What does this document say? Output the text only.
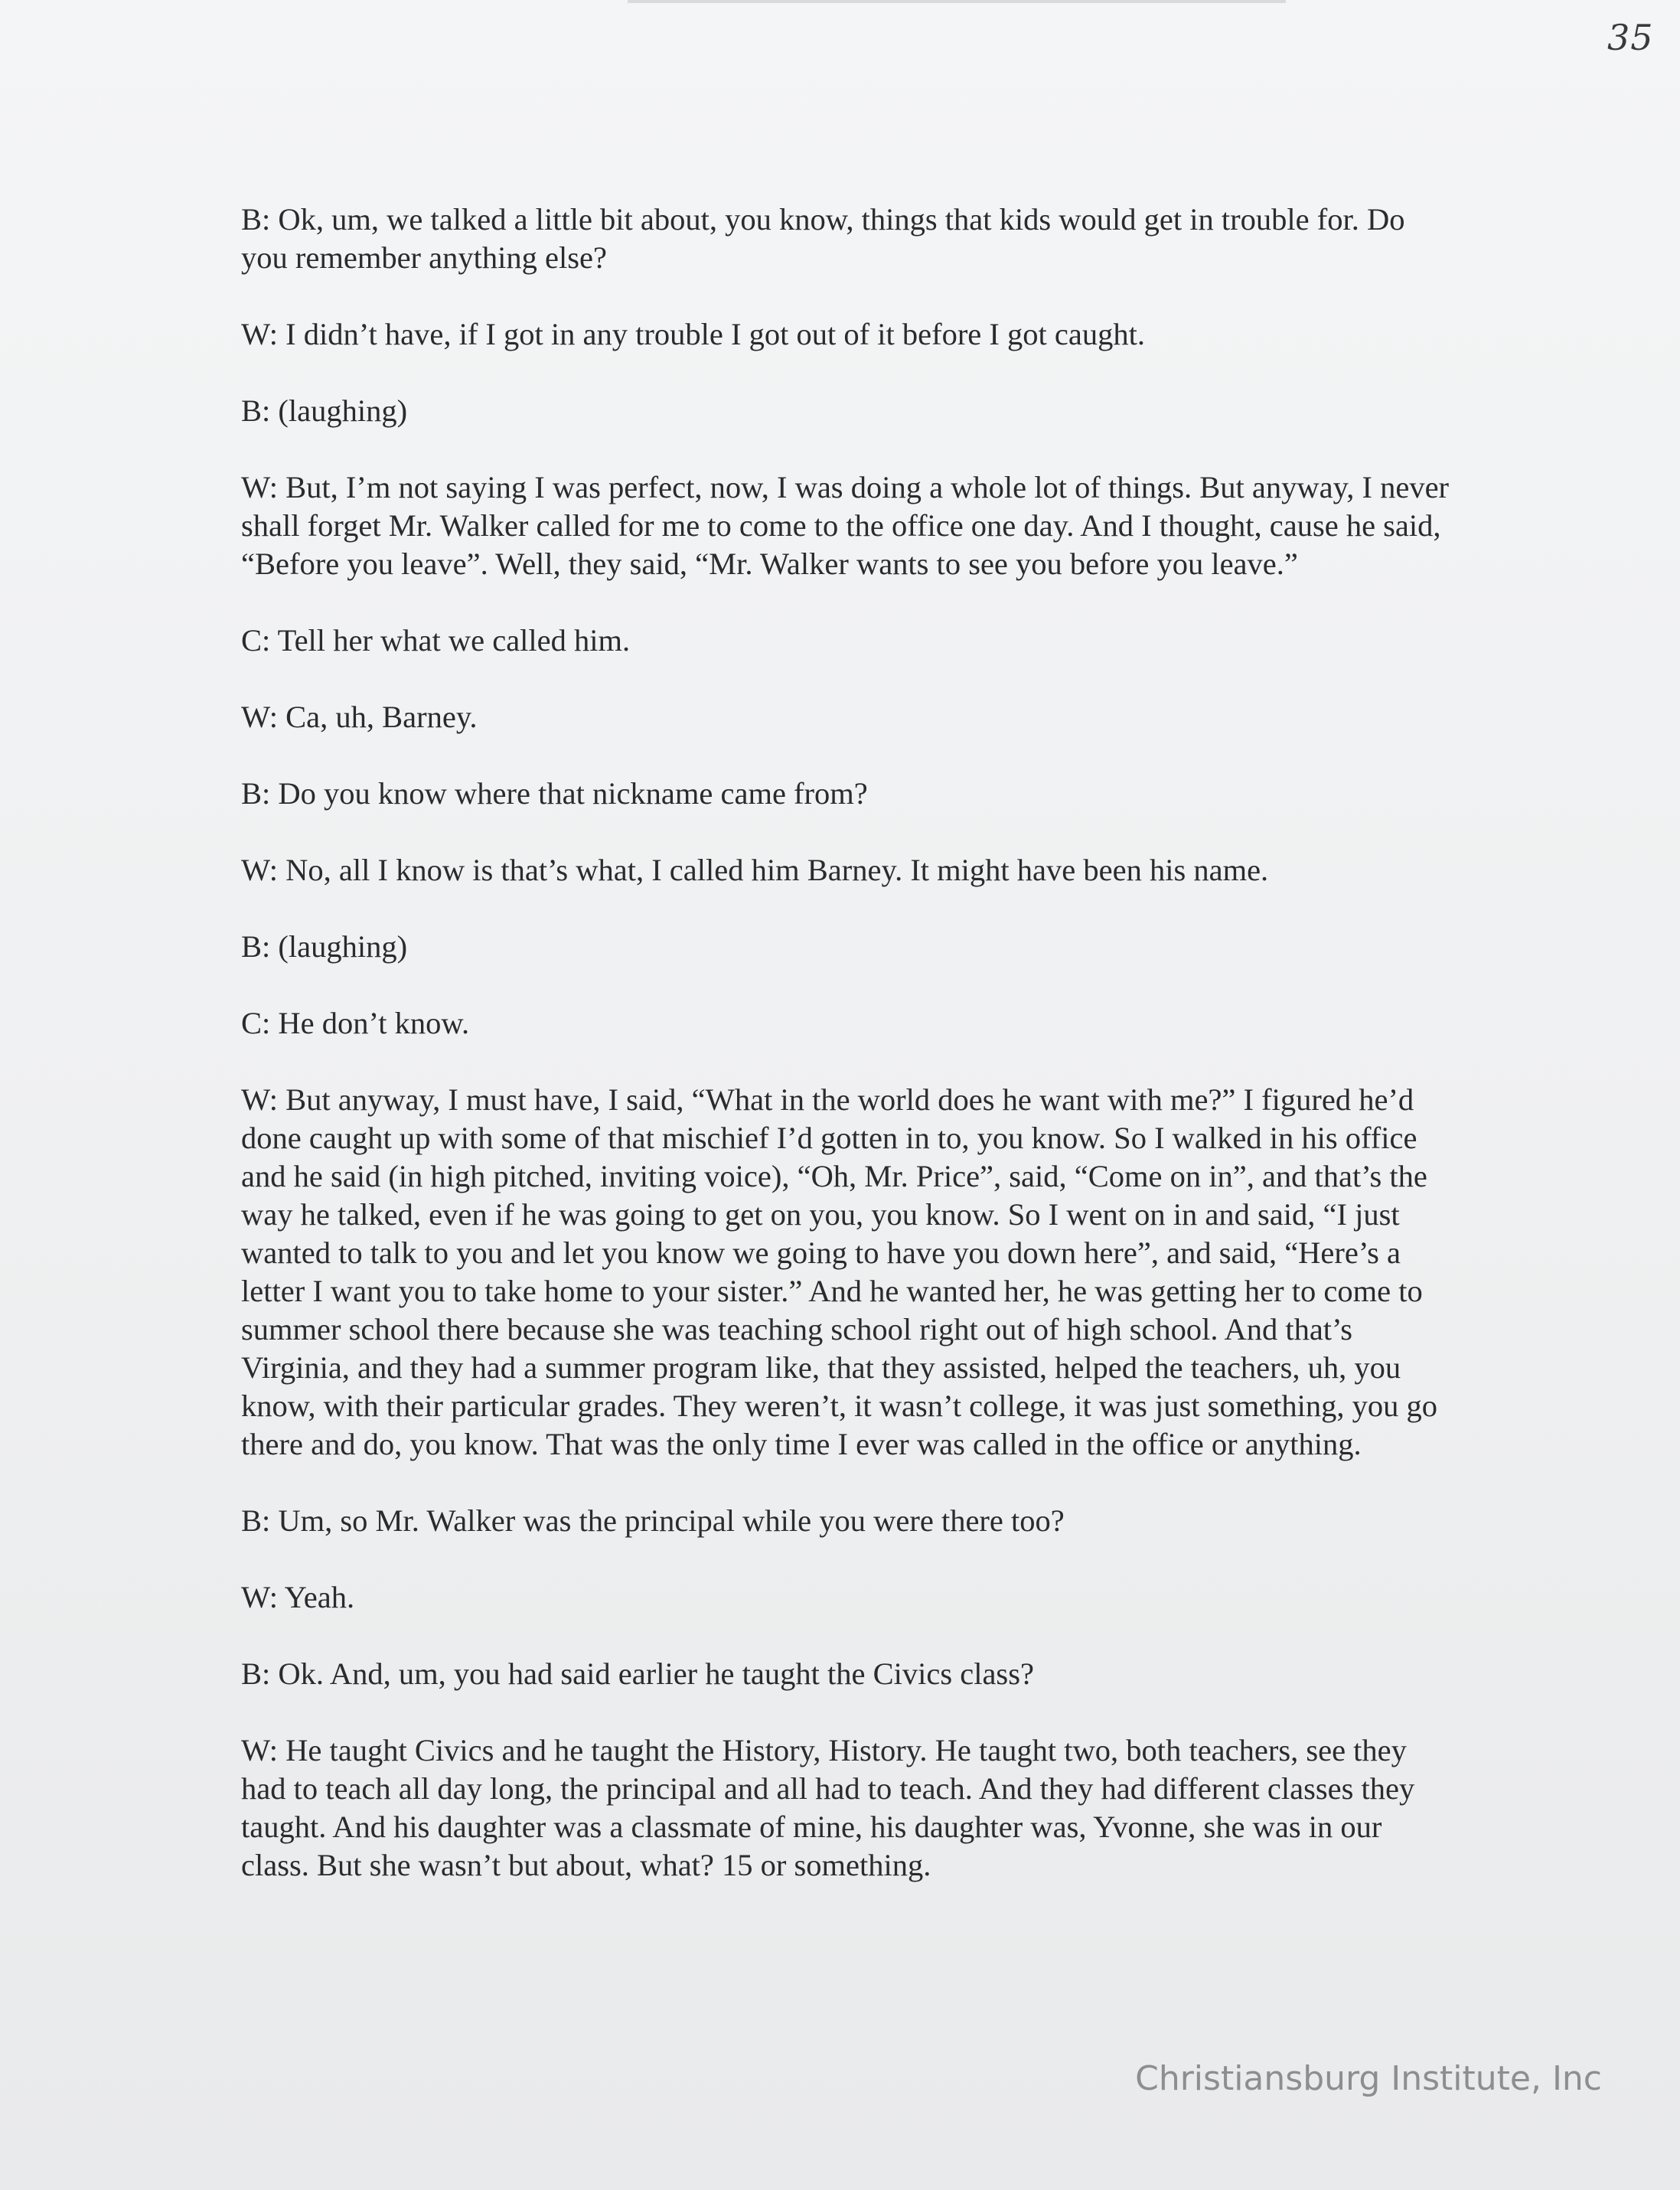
35

B : Ok, um, we talked a little bit about, you know, things that kids would get in trouble for. Do you remember anything else?

W : I didn’t have, if I got in any trouble I got out of it before I got caught.

B : (laughing)

W : But, I’m not saying I was perfect, now, I was doing a whole lot of things. But anyway, I never shall forget Mr. Walker called for me to come to the office one day. And I thought, cause he said, “Before you leave”. Well, they said, “Mr. Walker wants to see you before you leave.”

C : Tell her what we called him.

W : Ca, uh, Barney.

B : Do you know where that nickname came from?

W : No, all I know is that’s what, I called him Barney. It might have been his name.

B : (laughing)

C : He don’t know.

W : But anyway, I must have, I said, “What in the world does he want with me?” I figured he’d done caught up with some of that mischief I’d gotten in to, you know. So I walked in his office and he said (in high pitched, inviting voice), “Oh, Mr. Price”, said, “Come on in”, and that’s the way he talked, even if he was going to get on you, you know. So I went on in and said, “I just wanted to talk to you and let you know we going to have you down here”, and said, “Here’s a letter I want you to take home to your sister.” And he wanted her, he was getting her to come to summer school there because she was teaching school right out of high school. And that’s Virginia, and they had a summer program like, that they assisted, helped the teachers, uh, you know, with their particular grades. They weren’t, it wasn’t college, it was just something, you go there and do, you know. That was the only time I ever was called in the office or anything.

B : Um, so Mr. Walker was the principal while you were there too?

W : Yeah.

B : Ok. And, um, you had said earlier he taught the Civics class?

W : He taught Civics and he taught the History, History. He taught two, both teachers, see they had to teach all day long, the principal and all had to teach. And they had different classes they taught. And his daughter was a classmate of mine, his daughter was, Yvonne, she was in our class. But she wasn’t but about, what? 15 or something.

Christiansburg Institute, Inc
